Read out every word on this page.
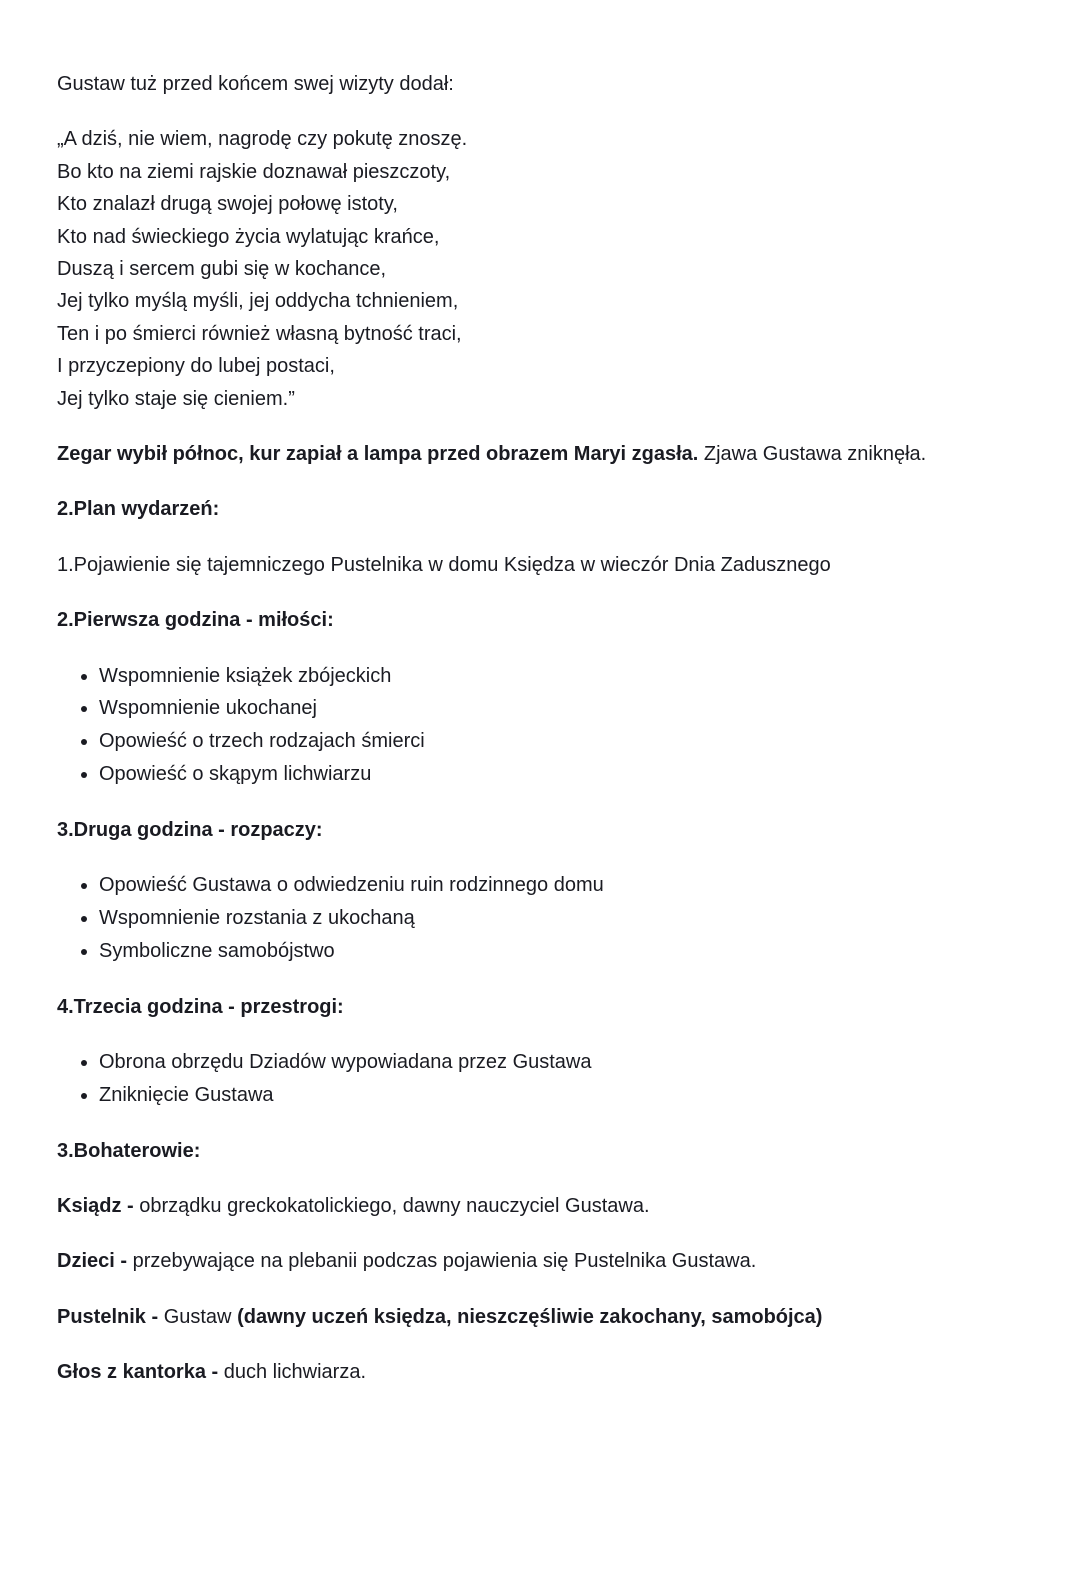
Gustaw tuż przed końcem swej wizyty dodał:

„A dziś, nie wiem, nagrodę czy pokutę znoszę.
Bo kto na ziemi rajskie doznawał pieszczoty,
Kto znalazł drugą swojej połowę istoty,
Kto nad świeckiego życia wylatując krańce,
Duszą i sercem gubi się w kochance,
Jej tylko myślą myśli, jej oddycha tchnieniem,
Ten i po śmierci również własną bytność traci,
I przyczepiony do lubej postaci,
Jej tylko staje się cieniem.”

Zegar wybił północ, kur zapiał a lampa przed obrazem Maryi zgasła. Zjawa Gustawa zniknęła.

2.Plan wydarzeń:

1.Pojawienie się tajemniczego Pustelnika w domu Księdza w wieczór Dnia Zadusznego

2.Pierwsza godzina - miłości:

• Wspomnienie książek zbójeckich
• Wspomnienie ukochanej
• Opowieść o trzech rodzajach śmierci
• Opowieść o skąpym lichwiarzu

3.Druga godzina - rozpaczy:

• Opowieść Gustawa o odwiedzeniu ruin rodzinnego domu
• Wspomnienie rozstania z ukochaną
• Symboliczne samobójstwo

4.Trzecia godzina - przestrogi:

• Obrona obrzędu Dziadów wypowiadana przez Gustawa
• Zniknięcie Gustawa

3.Bohaterowie:

Ksiądz - obrządku greckokatolickiego, dawny nauczyciel Gustawa.

Dzieci - przebywające na plebanii podczas pojawienia się Pustelnika Gustawa.

Pustelnik - Gustaw (dawny uczeń księdza, nieszczęśliwie zakochany, samobójca)

Głos z kantorka - duch lichwiarza.
